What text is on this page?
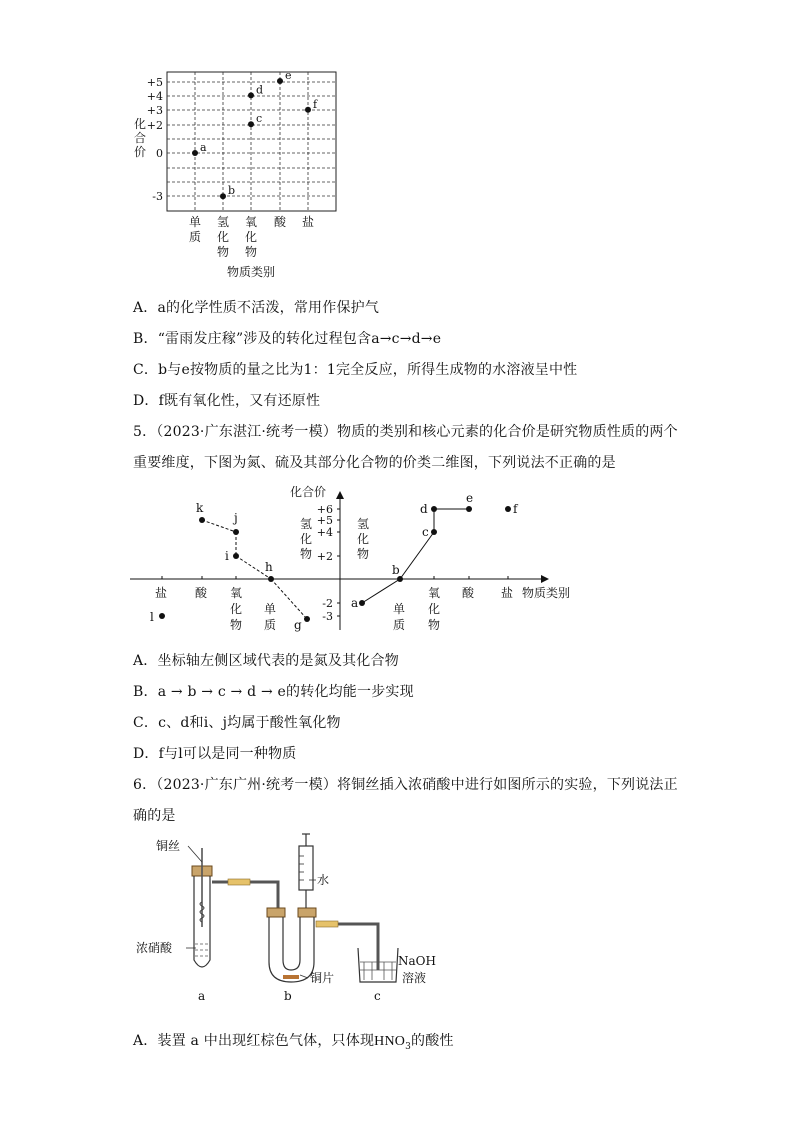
+5
+4
+3
+2
0
-3
化
合
价	a
b
c
d
e
f
单
质
氢
化
物
氧
化
物
酸 盐
物质类别
A．a的化学性质不活泼，常用作保护气
B．“雷雨发庄稼”涉及的转化过程包含a→c→d→e
C．b与e按物质的量之比为1：1完全反应，所得生成物的水溶液呈中性
D．f既有氧化性，又有还原性
5．（2023·广东湛江·统考一模）物质的类别和核心元素的化合价是研究物质性质的两个
重要维度，下图为氮、硫及其部分化合物的价类二维图，下列说法不正确的是
化合价
+6
+5
+4
+2
-2
-3
氢
化
物
氢
化
物
盐 酸 氧
化
物
单
质
单
质
氧
化
物
酸 盐 物质类别
a
b
c
d
e
f
g
h
i
j
k
l
A．坐标轴左侧区域代表的是氮及其化合物
B．a → b → c → d → e的转化均能一步实现
C．c、d和i、j均属于酸性氧化物
D．f与l可以是同一种物质
6．（2023·广东广州·统考一模）将铜丝插入浓硝酸中进行如图所示的实验，下列说法正
确的是
铜丝
水
浓硝酸
NaOH
溶液
铜片
a	b	c
A．装置 a 中出现红棕色气体，只体现$HNO_3$的酸性
